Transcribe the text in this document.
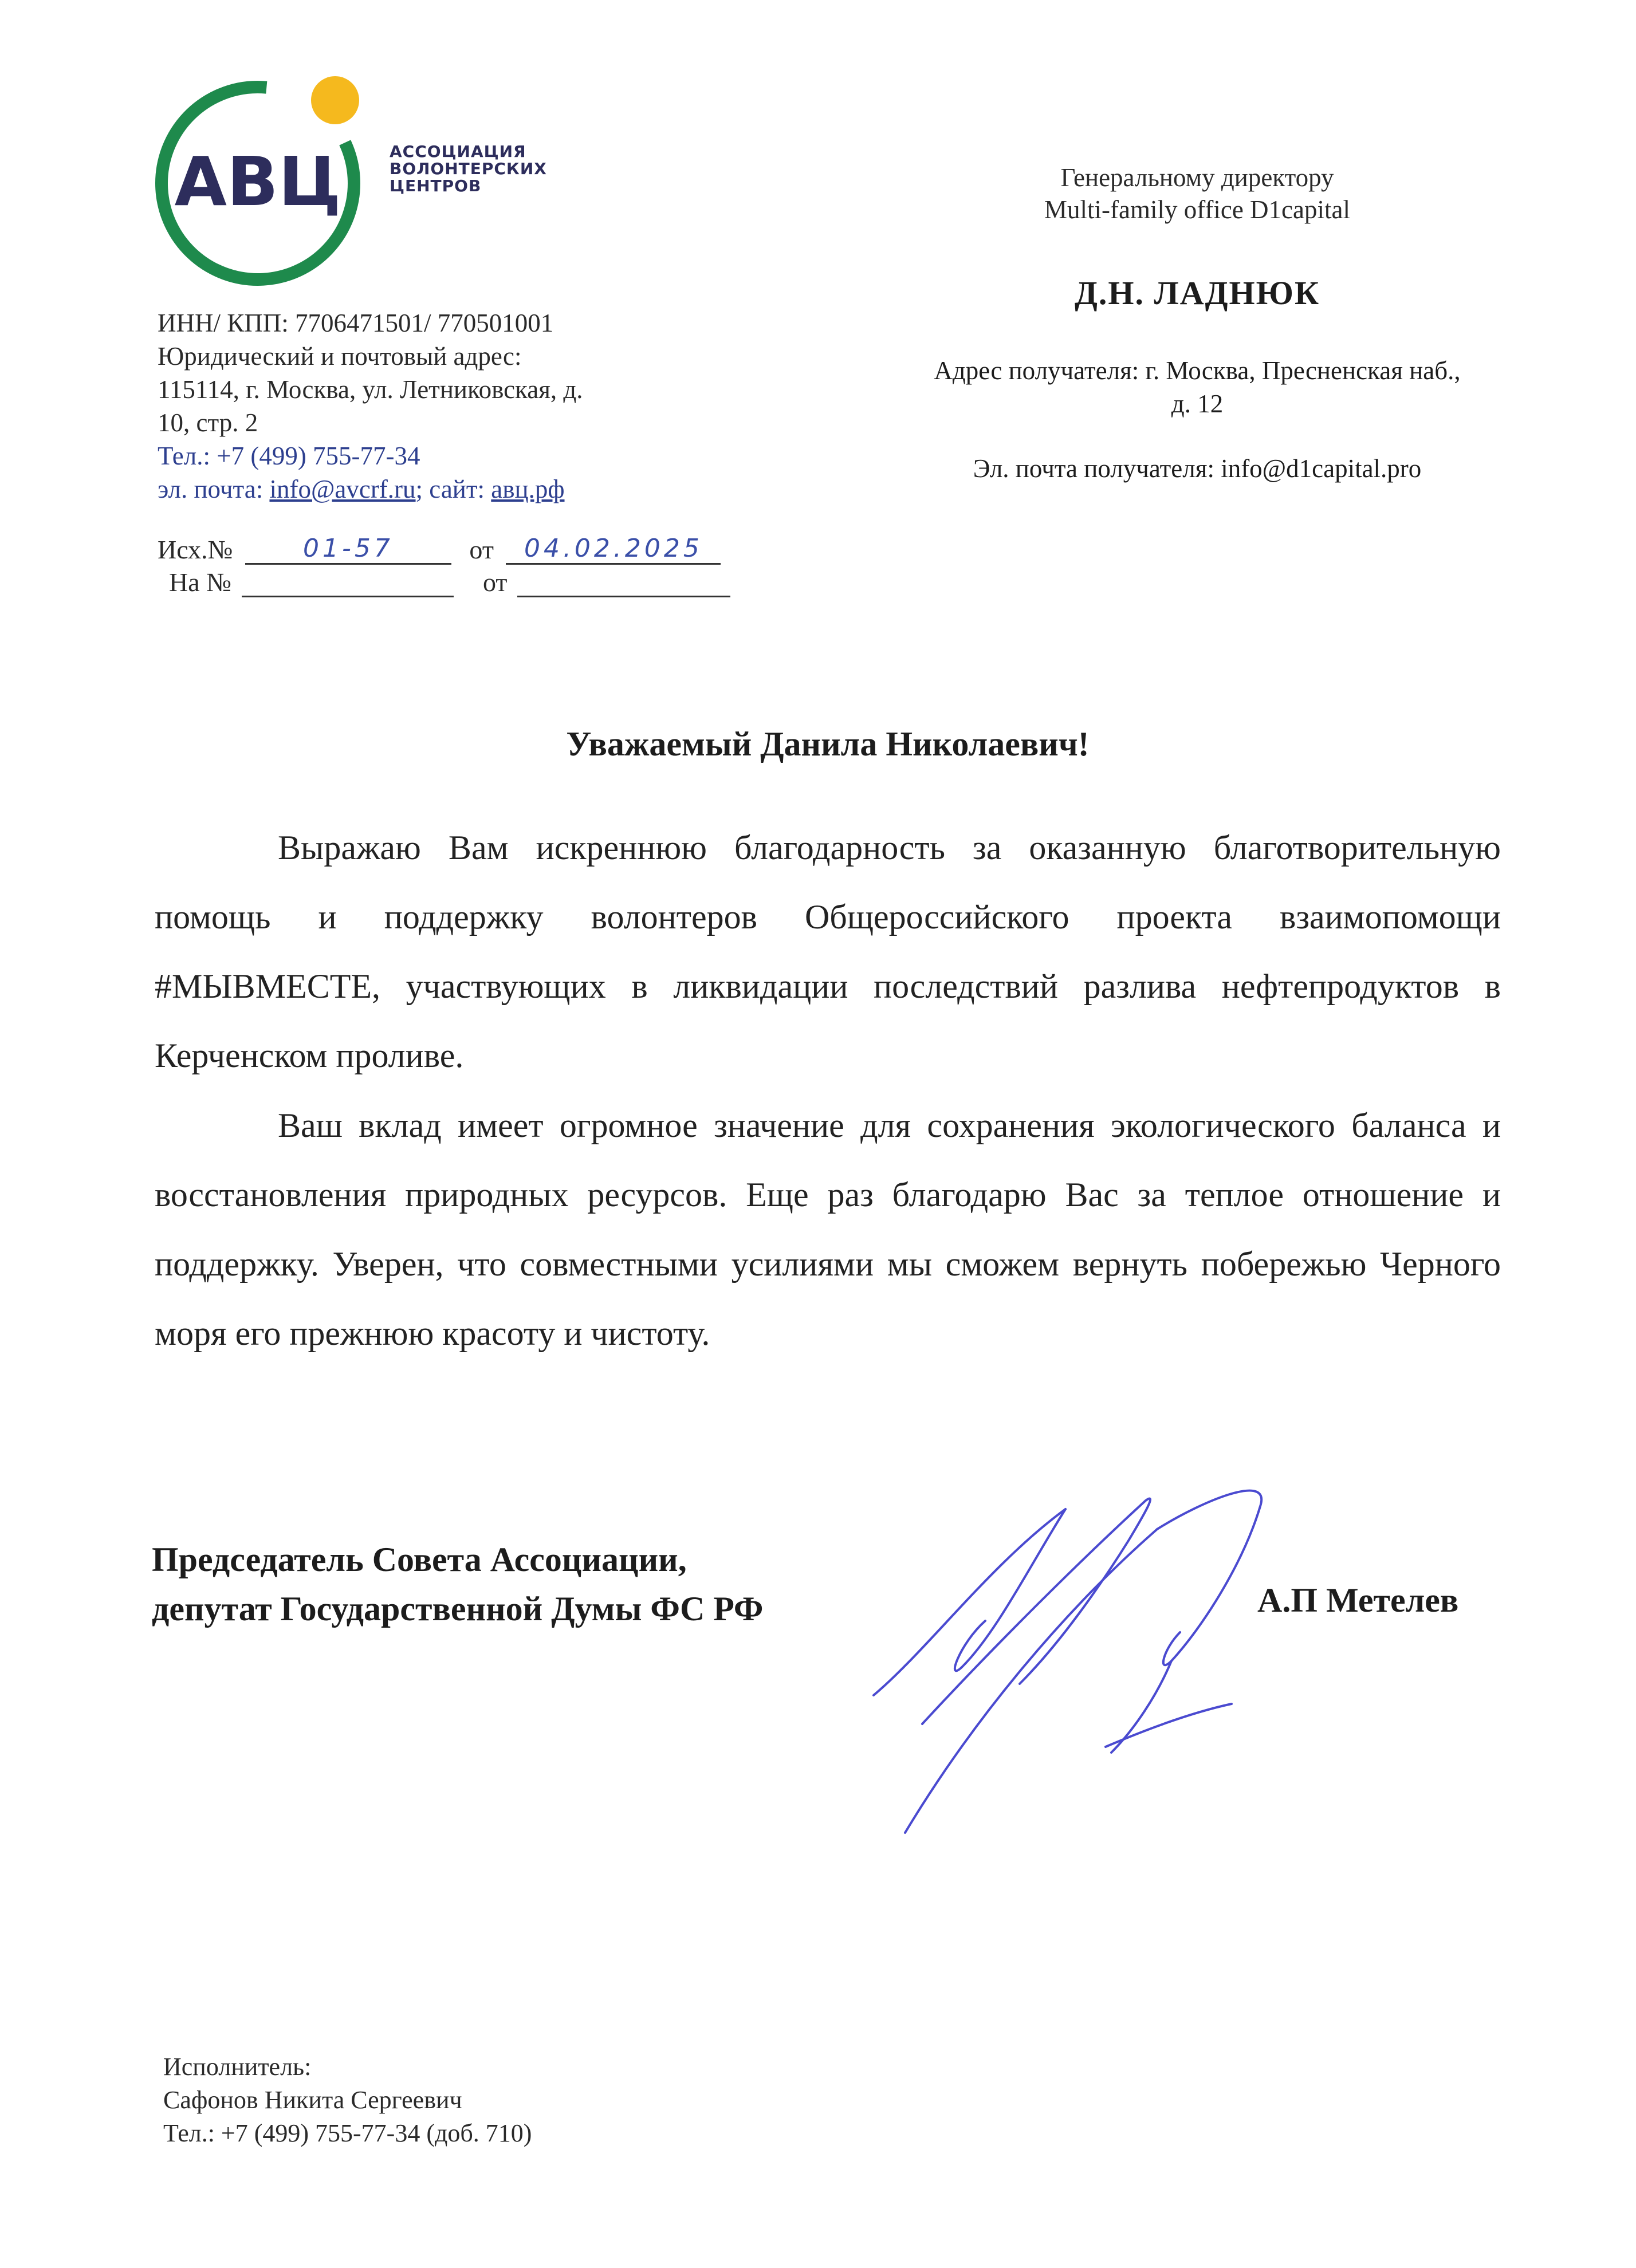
АВЦ	АССОЦИАЦИЯ
ВОЛОНТЕРСКИХ
ЦЕНТРОВ
ИНН/ КПП: 7706471501/ 770501001
Юридический и почтовый адрес:
115114, г. Москва, ул. Летниковская, д.
10, стр. 2
Тел.: +7 (499) 755-77-34
эл. почта: info@avcrf.ru; сайт: авц.рф
Исх.№	01-57	от 04.02.2025
На №	от
Генеральному директору
Multi-family office D1capital
Д.Н. ЛАДНЮК
Адрес получателя: г. Москва, Пресненская наб.,
д. 12
Эл. почта получателя: info@d1capital.pro
Уважаемый Данила Николаевич!
Выражаю Вам искреннюю благодарность за оказанную благотворительную помощь и поддержку волонтеров Общероссийского проекта взаимопомощи #МЫВМЕСТЕ, участвующих в ликвидации последствий разлива нефтепродуктов в Керченском проливе.
Ваш вклад имеет огромное значение для сохранения экологического баланса и восстановления природных ресурсов. Еще раз благодарю Вас за теплое отношение и поддержку. Уверен, что совместными усилиями мы сможем вернуть побережью Черного моря его прежнюю красоту и чистоту.
Председатель Совета Ассоциации,
депутат Государственной Думы ФС РФ	А.П Метелев
Исполнитель:
Сафонов Никита Сергеевич
Тел.: +7 (499) 755-77-34 (доб. 710)
